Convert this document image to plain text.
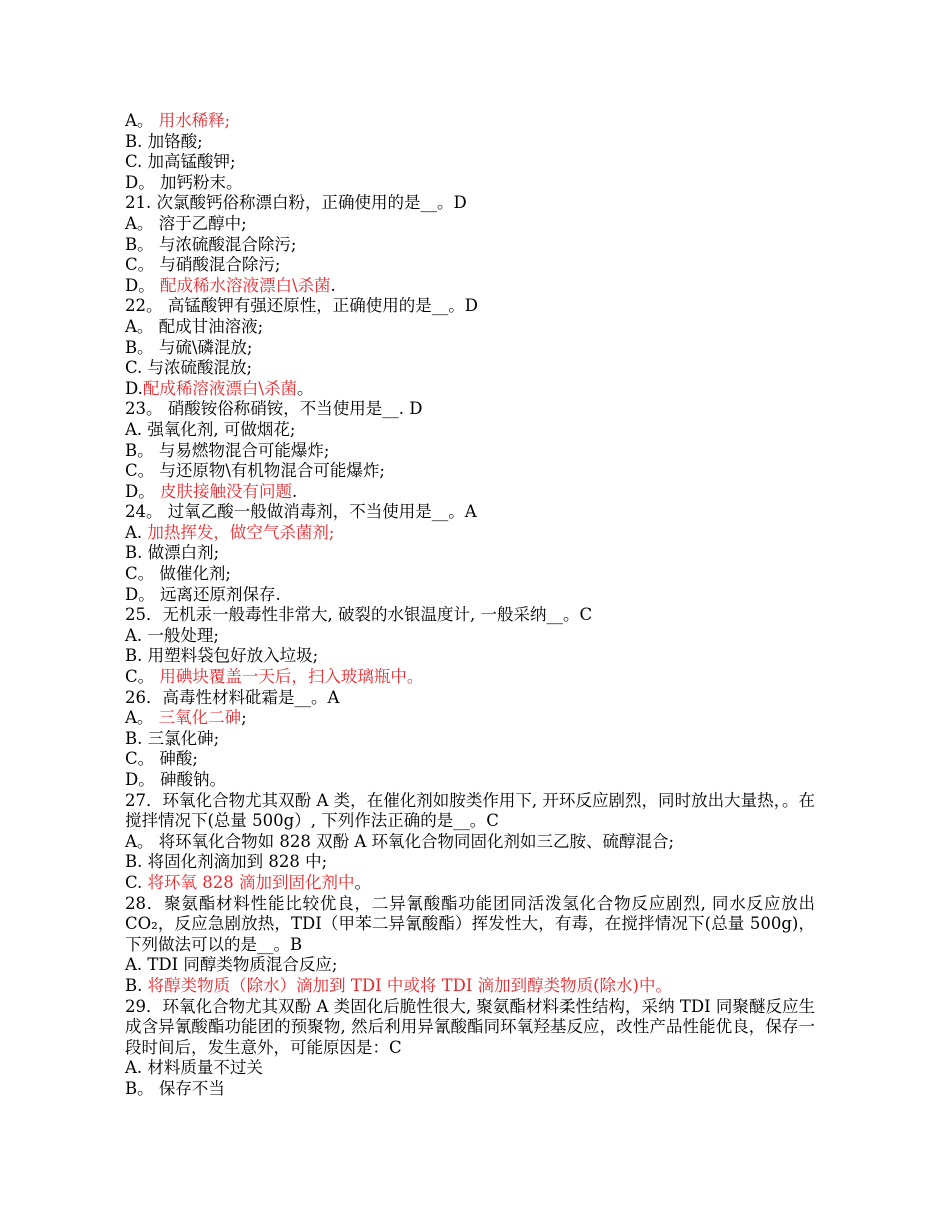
A。 用水稀释;
B. 加铬酸;
C. 加高锰酸钾;
D。 加钙粉末。
21. 次氯酸钙俗称漂白粉，正确使用的是__。D
A。 溶于乙醇中;
B。 与浓硫酸混合除污;
C。 与硝酸混合除污;
D。 配成稀水溶液漂白\杀菌.
22。 高锰酸钾有强还原性，正确使用的是__。D
A。 配成甘油溶液;
B。 与硫\磷混放;
C. 与浓硫酸混放;
D.配成稀溶液漂白\杀菌。
23。 硝酸铵俗称硝铵，不当使用是__. D
A. 强氧化剂, 可做烟花;
B。 与易燃物混合可能爆炸;
C。 与还原物\有机物混合可能爆炸;
D。 皮肤接触没有问题.
24。 过氧乙酸一般做消毒剂，不当使用是__。A
A. 加热挥发，做空气杀菌剂;
B. 做漂白剂;
C。 做催化剂;
D。 远离还原剂保存.
25．无机汞一般毒性非常大, 破裂的水银温度计, 一般采纳__。C
A. 一般处理;
B. 用塑料袋包好放入垃圾;
C。 用碘块覆盖一天后，扫入玻璃瓶中。
26．高毒性材料砒霜是__。A
A。 三氧化二砷;
B. 三氯化砷;
C。 砷酸;
D。 砷酸钠。
27．环氧化合物尤其双酚 A 类，在催化剂如胺类作用下, 开环反应剧烈，同时放出大量热，。在搅拌情况下(总量 500g）, 下列作法正确的是__。C
A。 将环氧化合物如 828 双酚 A 环氧化合物同固化剂如三乙胺、硫醇混合;
B. 将固化剂滴加到 828 中;
C. 将环氧 828 滴加到固化剂中。
28．聚氨酯材料性能比较优良，二异氰酸酯功能团同活泼氢化合物反应剧烈, 同水反应放出 CO₂，反应急剧放热，TDI（甲苯二异氰酸酯）挥发性大，有毒，在搅拌情况下(总量 500g)，下列做法可以的是__。B
A. TDI 同醇类物质混合反应;
B. 将醇类物质（除水）滴加到 TDI 中或将 TDI 滴加到醇类物质(除水)中。
29．环氧化合物尤其双酚 A 类固化后脆性很大, 聚氨酯材料柔性结构，采纳 TDI 同聚醚反应生成含异氰酸酯功能团的预聚物, 然后利用异氰酸酯同环氧羟基反应，改性产品性能优良，保存一段时间后，发生意外，可能原因是：C
A. 材料质量不过关
B。 保存不当
